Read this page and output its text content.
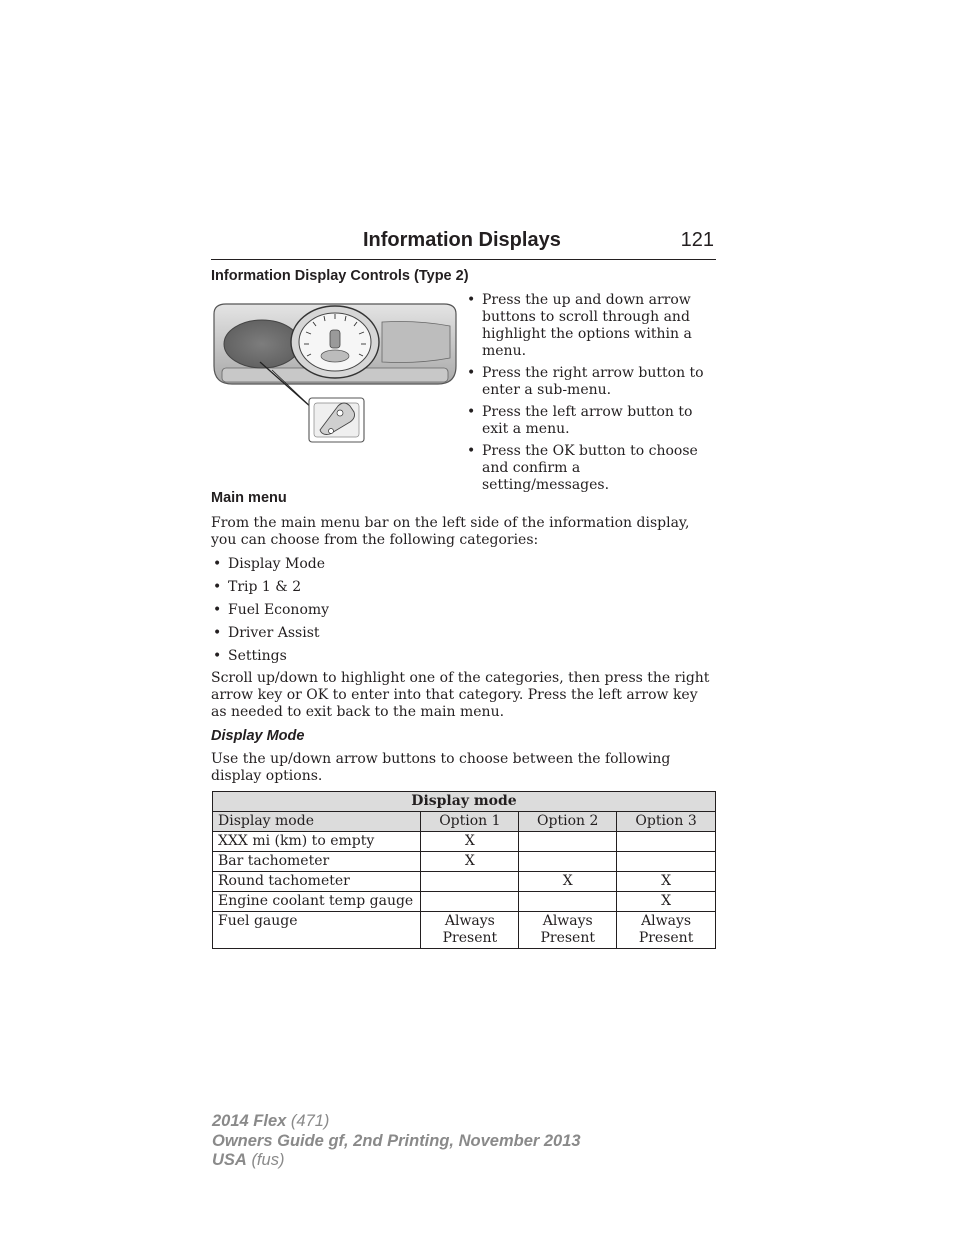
Information Displays	121
Information Display Controls (Type 2)
• Press the up and down arrow buttons to scroll through and highlight the options within a menu.
• Press the right arrow button to enter a sub-menu.
• Press the left arrow button to exit a menu.
• Press the OK button to choose and confirm a setting/messages.
Main menu
From the main menu bar on the left side of the information display, you can choose from the following categories:
• Display Mode
• Trip 1 & 2
• Fuel Economy
• Driver Assist
• Settings
Scroll up/down to highlight one of the categories, then press the right arrow key or OK to enter into that category. Press the left arrow key as needed to exit back to the main menu.
Display Mode
Use the up/down arrow buttons to choose between the following display options.
Display mode			
Display mode	Option 1	Option 2	Option 3
XXX mi (km) to empty	X		
Bar tachometer	X		
Round tachometer		X	X
Engine coolant temp gauge			X
Fuel gauge	Always Present	Always Present	Always Present
2014 Flex (471)
Owners Guide gf, 2nd Printing, November 2013
USA (fus)
